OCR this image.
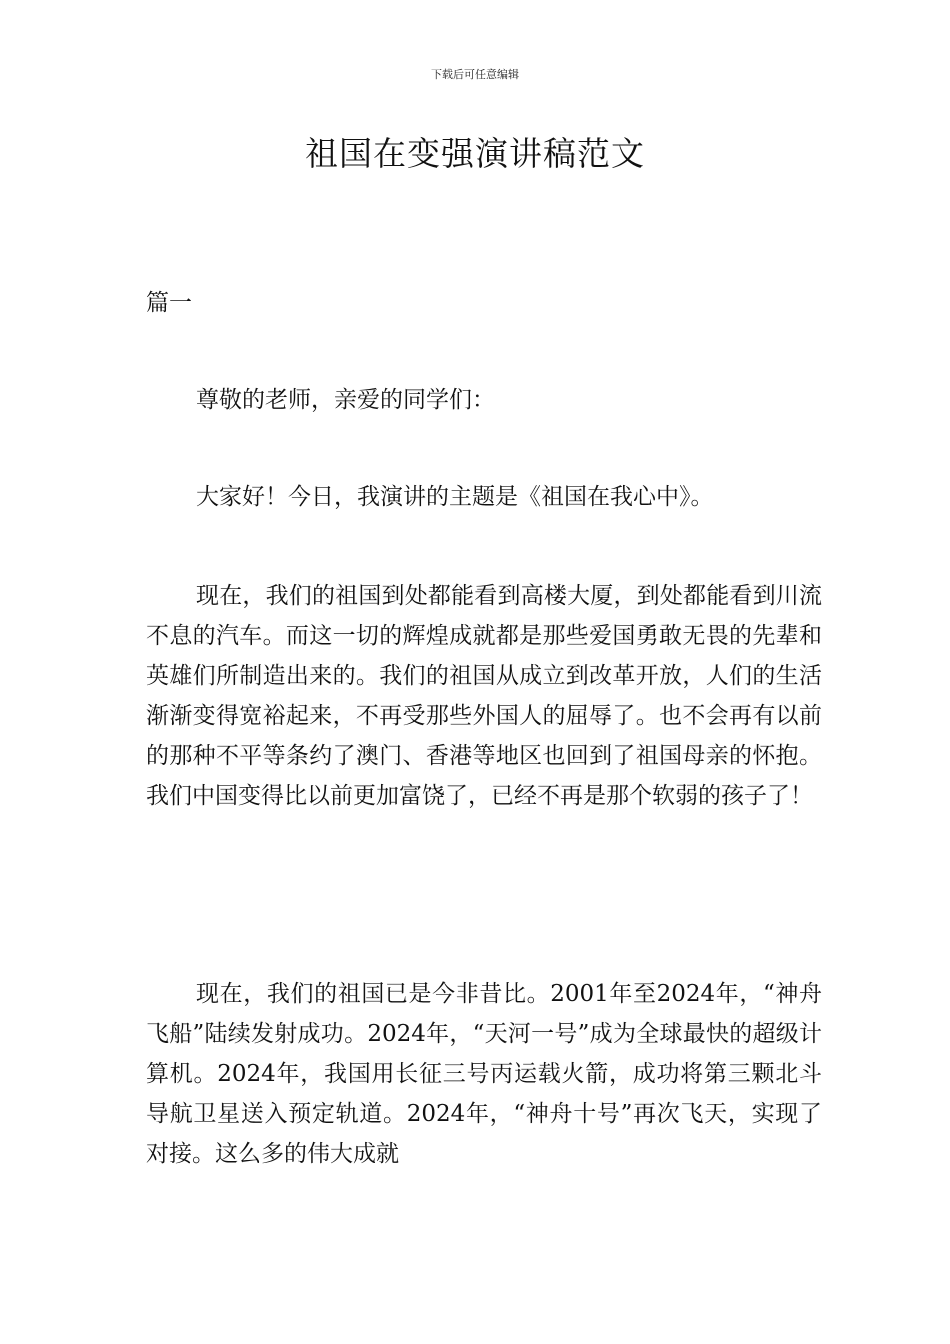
下载后可任意编辑
祖国在变强演讲稿范文

篇一

尊敬的老师，亲爱的同学们：

大家好！今日，我演讲的主题是《祖国在我心中》。

现在，我们的祖国到处都能看到高楼大厦，到处都能看到川流不息的汽车。而这一切的辉煌成就都是那些爱国勇敢无畏的先辈和英雄们所制造出来的。我们的祖国从成立到改革开放，人们的生活渐渐变得宽裕起来，不再受那些外国人的屈辱了。也不会再有以前的那种不平等条约了澳门、香港等地区也回到了祖国母亲的怀抱。我们中国变得比以前更加富饶了，已经不再是那个软弱的孩子了！

现在，我们的祖国已是今非昔比。2001年至2024年，“神舟飞船”陆续发射成功。2024年，“天河一号”成为全球最快的超级计算机。2024年，我国用长征三号丙运载火箭，成功将第三颗北斗导航卫星送入预定轨道。2024年，“神舟十号”再次飞天，实现了对接。这么多的伟大成就
